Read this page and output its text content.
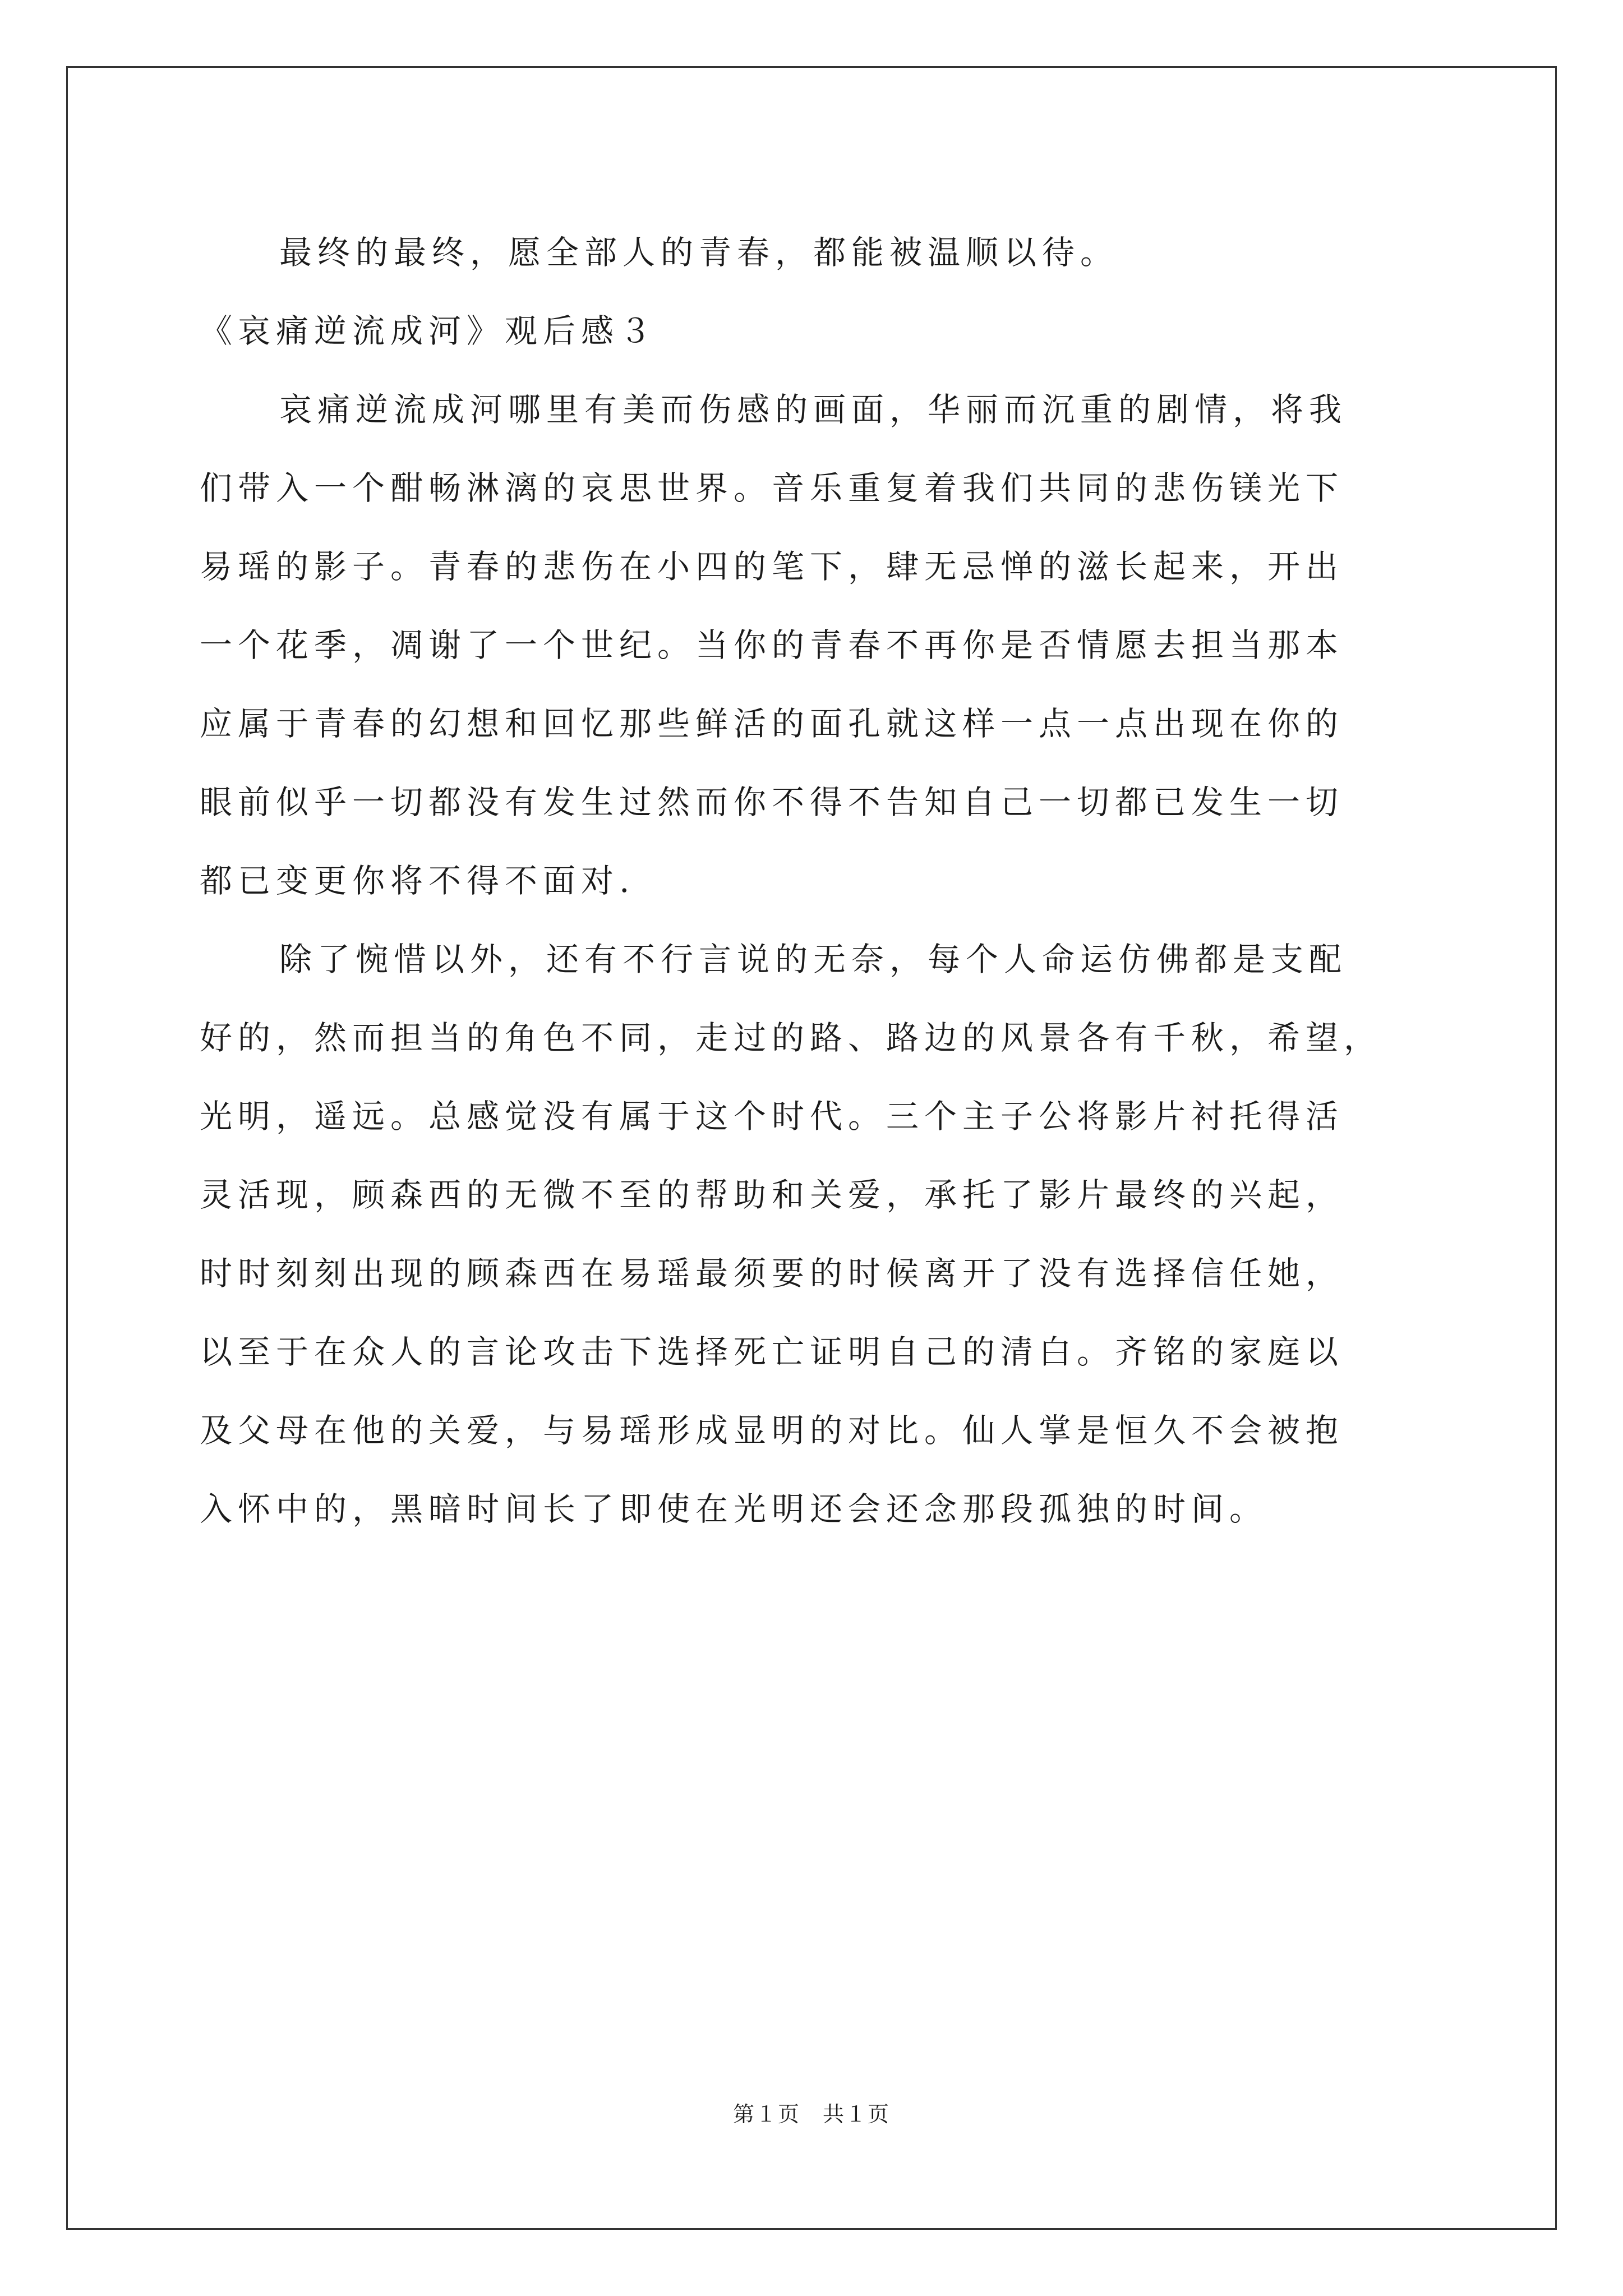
最终的最终，愿全部人的青春，都能被温顺以待。

《哀痛逆流成河》观后感３

哀痛逆流成河哪里有美而伤感的画面，华丽而沉重的剧情，将我
们带入一个酣畅淋漓的哀思世界。音乐重复着我们共同的悲伤镁光下
易瑶的影子。青春的悲伤在小四的笔下，肆无忌惮的滋长起来，开出
一个花季，凋谢了一个世纪。当你的青春不再你是否情愿去担当那本
应属于青春的幻想和回忆那些鲜活的面孔就这样一点一点出现在你的
眼前似乎一切都没有发生过然而你不得不告知自己一切都已发生一切
都已变更你将不得不面对.
除了惋惜以外，还有不行言说的无奈，每个人命运仿佛都是支配
好的，然而担当的角色不同，走过的路、路边的风景各有千秋，希望，
光明，遥远。总感觉没有属于这个时代。三个主子公将影片衬托得活
灵活现，顾森西的无微不至的帮助和关爱，承托了影片最终的兴起，
时时刻刻出现的顾森西在易瑶最须要的时候离开了没有选择信任她，
以至于在众人的言论攻击下选择死亡证明自己的清白。齐铭的家庭以
及父母在他的关爱，与易瑶形成显明的对比。仙人掌是恒久不会被抱
入怀中的，黑暗时间长了即使在光明还会还念那段孤独的时间。
第１页　共１页
